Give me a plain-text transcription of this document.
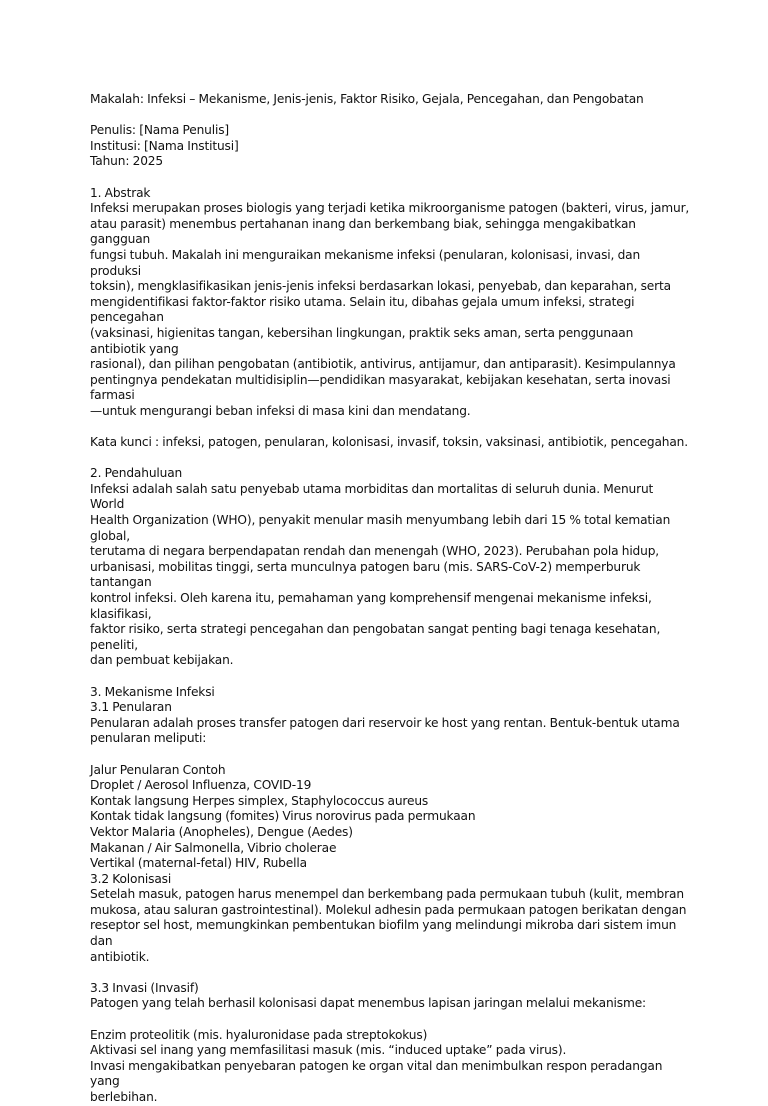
Makalah: Infeksi – Mekanisme, Jenis-jenis, Faktor Risiko, Gejala, Pencegahan, dan Pengobatan

Penulis: [Nama Penulis]

Institusi: [Nama Institusi]

Tahun: 2025

1. Abstrak

Infeksi merupakan proses biologis yang terjadi ketika mikroorganisme patogen (bakteri, virus, jamur,

atau parasit) menembus pertahanan inang dan berkembang biak, sehingga mengakibatkan gangguan

fungsi tubuh. Makalah ini menguraikan mekanisme infeksi (penularan, kolonisasi, invasi, dan produksi

toksin), mengklasifikasikan jenis-jenis infeksi berdasarkan lokasi, penyebab, dan keparahan, serta

mengidentifikasi faktor-faktor risiko utama. Selain itu, dibahas gejala umum infeksi, strategi pencegahan

(vaksinasi, higienitas tangan, kebersihan lingkungan, praktik seks aman, serta penggunaan antibiotik yang

rasional), dan pilihan pengobatan (antibiotik, antivirus, antijamur, dan antiparasit). Kesimpulannya

pentingnya pendekatan multidisiplin—pendidikan masyarakat, kebijakan kesehatan, serta inovasi farmasi

—untuk mengurangi beban infeksi di masa kini dan mendatang.

Kata kunci : infeksi, patogen, penularan, kolonisasi, invasif, toksin, vaksinasi, antibiotik, pencegahan.

2. Pendahuluan

Infeksi adalah salah satu penyebab utama morbiditas dan mortalitas di seluruh dunia. Menurut World

Health Organization (WHO), penyakit menular masih menyumbang lebih dari 15 % total kematian global,

terutama di negara berpendapatan rendah dan menengah (WHO, 2023). Perubahan pola hidup,

urbanisasi, mobilitas tinggi, serta munculnya patogen baru (mis. SARS-CoV-2) memperburuk tantangan

kontrol infeksi. Oleh karena itu, pemahaman yang komprehensif mengenai mekanisme infeksi, klasifikasi,

faktor risiko, serta strategi pencegahan dan pengobatan sangat penting bagi tenaga kesehatan, peneliti,

dan pembuat kebijakan.

3. Mekanisme Infeksi

3.1 Penularan

Penularan adalah proses transfer patogen dari reservoir ke host yang rentan. Bentuk-bentuk utama

penularan meliputi:

Jalur Penularan Contoh

Droplet / Aerosol Influenza, COVID-19

Kontak langsung Herpes simplex, Staphylococcus aureus

Kontak tidak langsung (fomites) Virus norovirus pada permukaan

Vektor Malaria (Anopheles), Dengue (Aedes)

Makanan / Air Salmonella, Vibrio cholerae

Vertikal (maternal-fetal) HIV, Rubella

3.2 Kolonisasi

Setelah masuk, patogen harus menempel dan berkembang pada permukaan tubuh (kulit, membran

mukosa, atau saluran gastrointestinal). Molekul adhesin pada permukaan patogen berikatan dengan

reseptor sel host, memungkinkan pembentukan biofilm yang melindungi mikroba dari sistem imun dan

antibiotik.

3.3 Invasi (Invasif)

Patogen yang telah berhasil kolonisasi dapat menembus lapisan jaringan melalui mekanisme:

Enzim proteolitik (mis. hyaluronidase pada streptokokus)

Aktivasi sel inang yang memfasilitasi masuk (mis. “induced uptake” pada virus).

Invasi mengakibatkan penyebaran patogen ke organ vital dan menimbulkan respon peradangan yang

berlebihan.
